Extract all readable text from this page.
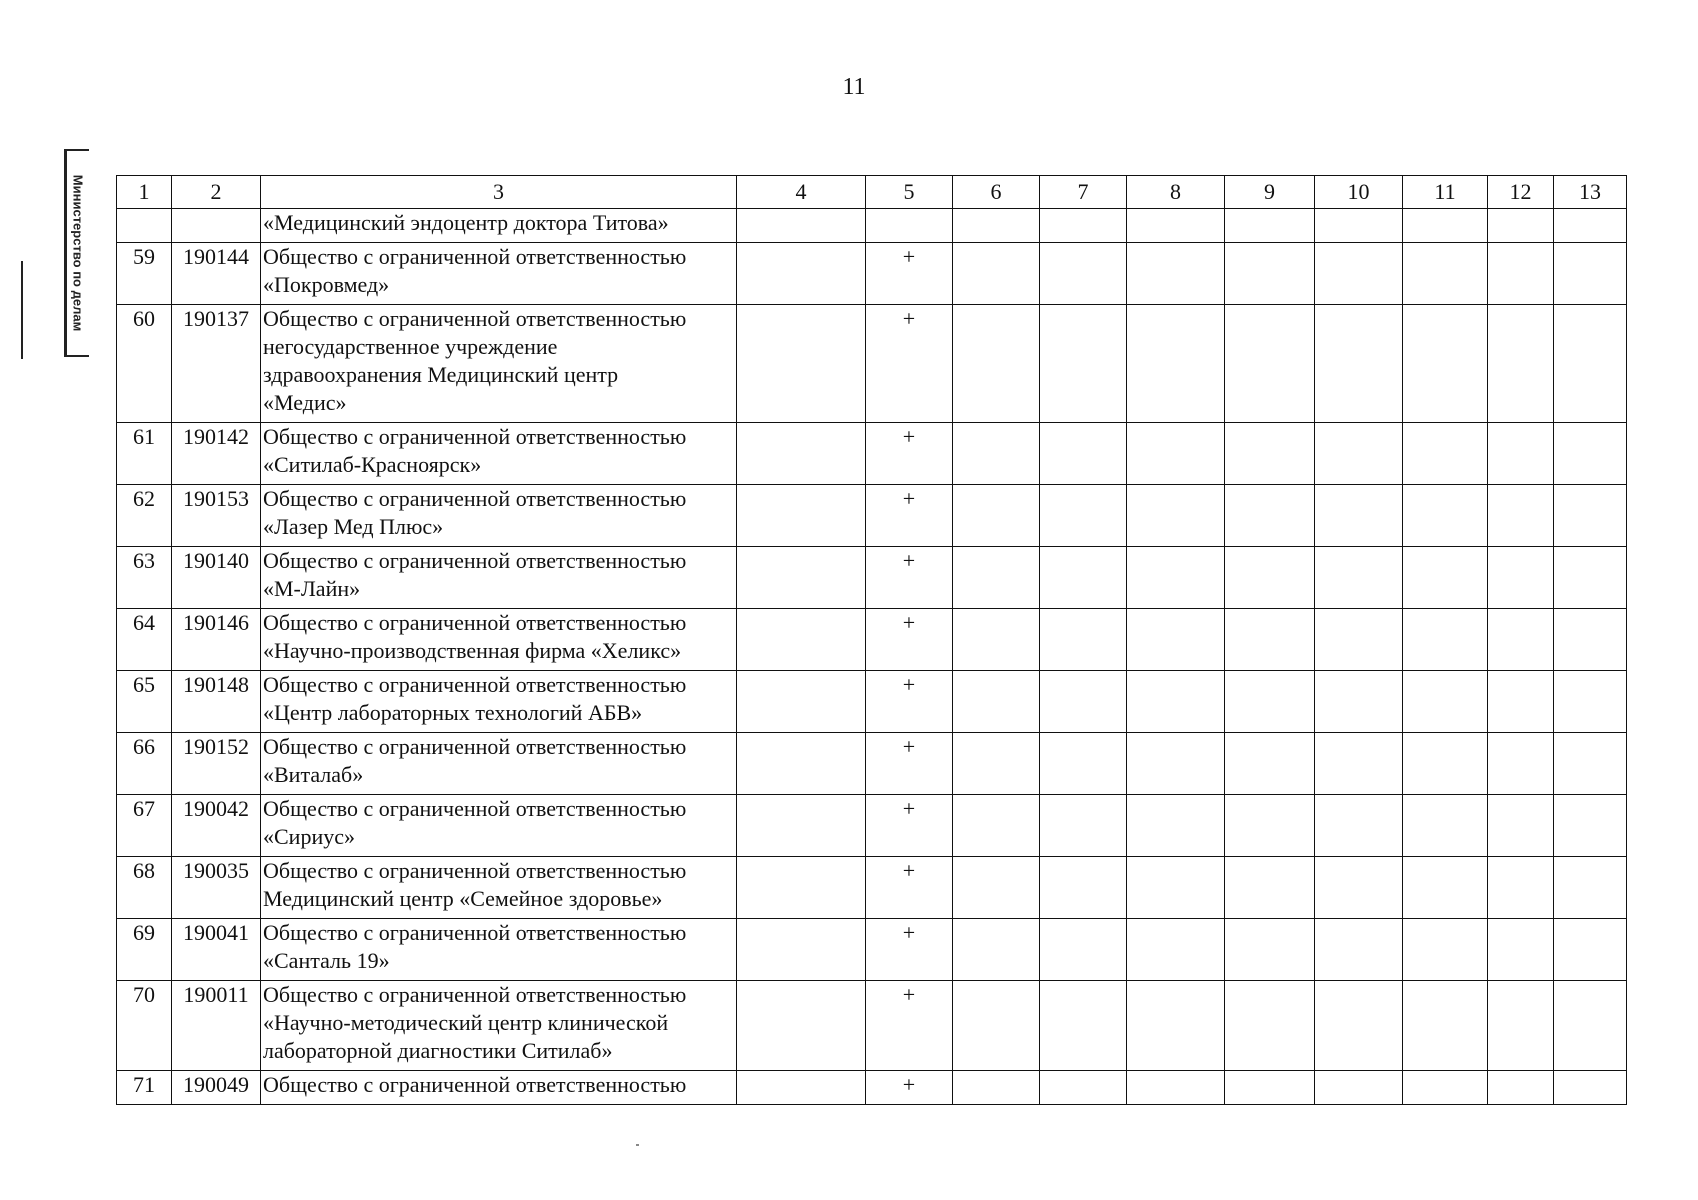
11
Министерство по делам 1	2	3	4	5	6	7	8	9	10	11	12	13

		«Медицинский эндоцентр доктора Титова»										

59	190144	Общество с ограниченной ответственностью
«Покровмед»		+								
60	190137	Общество с ограниченной ответственностью
негосударственное учреждение
здравоохранения Медицинский центр
«Медис»		+								
61	190142	Общество с ограниченной ответственностью
«Ситилаб-Красноярск»		+								
62	190153	Общество с ограниченной ответственностью
«Лазер Мед Плюс»		+								
63	190140	Общество с ограниченной ответственностью
«М-Лайн»		+								
64	190146	Общество с ограниченной ответственностью
«Научно-производственная фирма «Хеликс»		+								
65	190148	Общество с ограниченной ответственностью
«Центр лабораторных технологий АБВ»		+								
66	190152	Общество с ограниченной ответственностью
«Виталаб»		+								
67	190042	Общество с ограниченной ответственностью
«Сириус»		+								
68	190035	Общество с ограниченной ответственностью
Медицинский центр «Семейное здоровье»		+								
69	190041	Общество с ограниченной ответственностью
«Санталь 19»		+								
70	190011	Общество с ограниченной ответственностью
«Научно-методический центр клинической
лабораторной диагностики Ситилаб»		+								
71	190049	Общество с ограниченной ответственностью		+								
